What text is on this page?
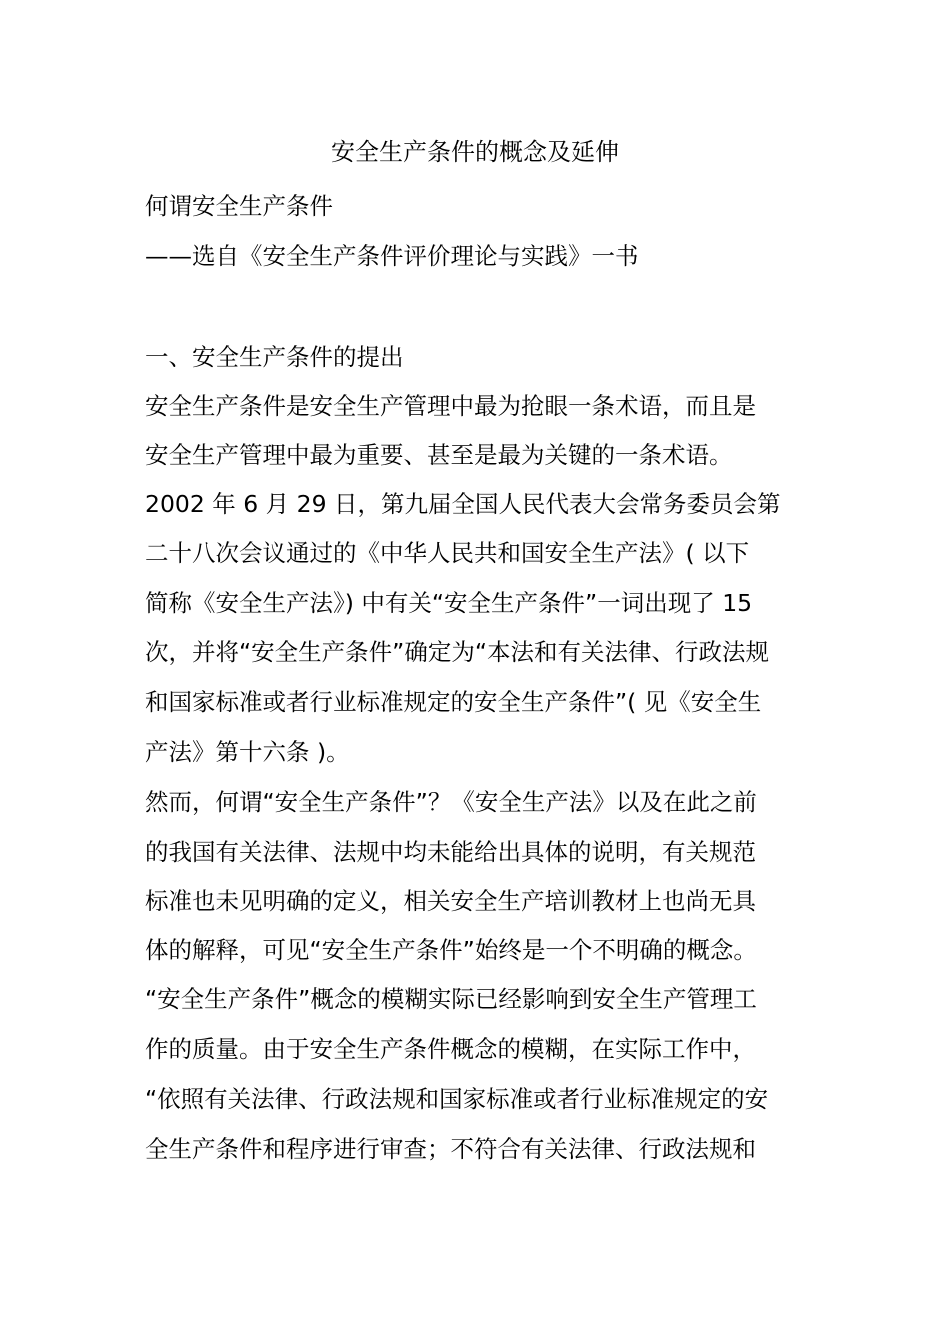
安全生产条件的概念及延伸
何谓安全生产条件
——选自《安全生产条件评价理论与实践》一书
一、安全生产条件的提出
安全生产条件是安全生产管理中最为抢眼一条术语，而且是
安全生产管理中最为重要、甚至是最为关键的一条术语。
2002 年 6 月 29 日，第九届全国人民代表大会常务委员会第
二十八次会议通过的《中华人民共和国安全生产法》( 以下
简称《安全生产法》) 中有关“安全生产条件”一词出现了 15
次，并将“安全生产条件”确定为“本法和有关法律、行政法规
和国家标准或者行业标准规定的安全生产条件”( 见《安全生
产法》第十六条 )。
然而，何谓“安全生产条件”？《安全生产法》以及在此之前
的我国有关法律、法规中均未能给出具体的说明，有关规范
标准也未见明确的定义，相关安全生产培训教材上也尚无具
体的解释，可见“安全生产条件”始终是一个不明确的概念。
“安全生产条件”概念的模糊实际已经影响到安全生产管理工
作的质量。由于安全生产条件概念的模糊，在实际工作中，
“依照有关法律、行政法规和国家标准或者行业标准规定的安
全生产条件和程序进行审查；不符合有关法律、行政法规和
